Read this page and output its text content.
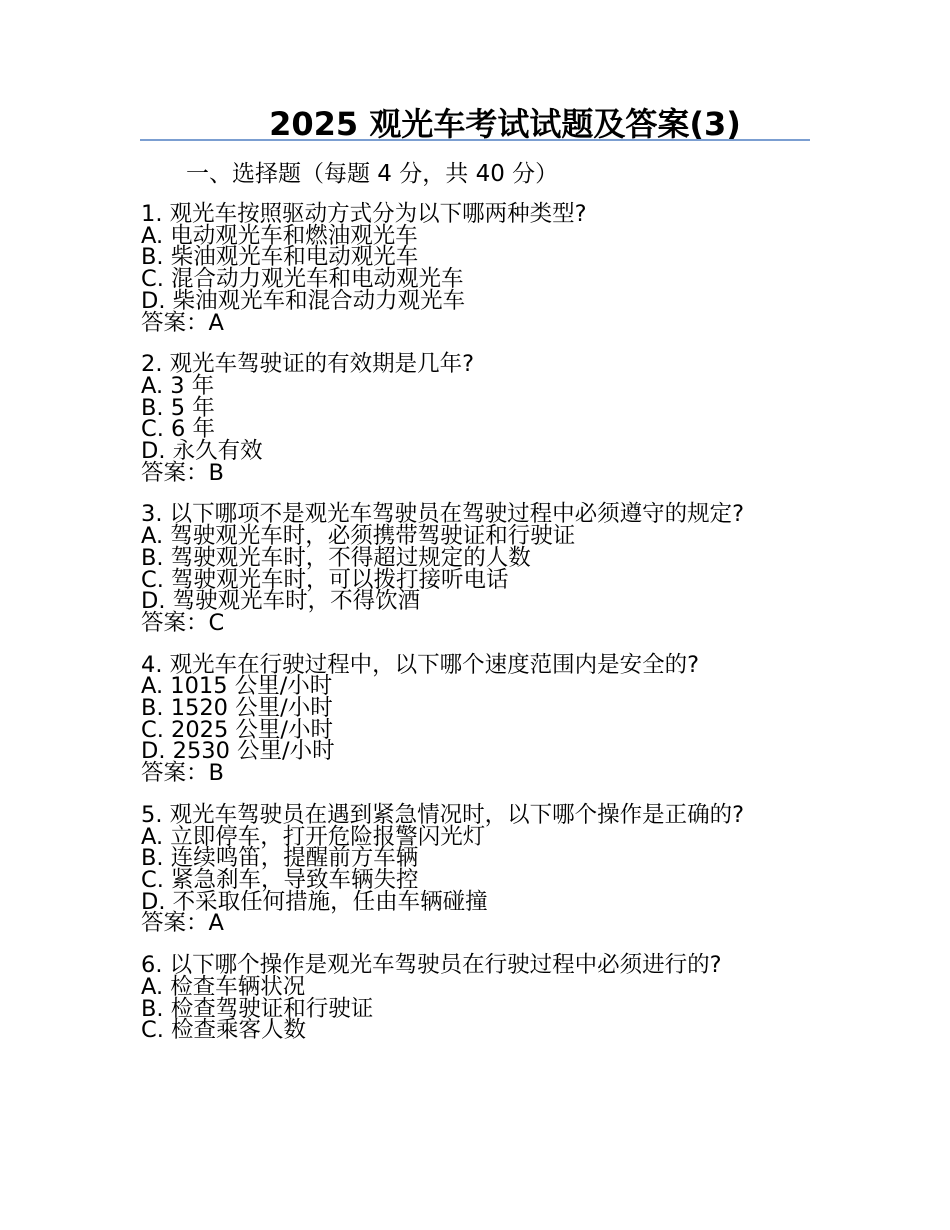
2025 观光车考试试题及答案(3)
一、选择题（每题 4 分，共 40 分）
1. 观光车按照驱动方式分为以下哪两种类型?
A. 电动观光车和燃油观光车
B. 柴油观光车和电动观光车
C. 混合动力观光车和电动观光车
D. 柴油观光车和混合动力观光车
答案：A
2. 观光车驾驶证的有效期是几年?
A. 3 年
B. 5 年
C. 6 年
D. 永久有效
答案：B
3. 以下哪项不是观光车驾驶员在驾驶过程中必须遵守的规定?
A. 驾驶观光车时，必须携带驾驶证和行驶证
B. 驾驶观光车时，不得超过规定的人数
C. 驾驶观光车时，可以拨打接听电话
D. 驾驶观光车时，不得饮酒
答案：C
4. 观光车在行驶过程中，以下哪个速度范围内是安全的?
A. 1015 公里/小时
B. 1520 公里/小时
C. 2025 公里/小时
D. 2530 公里/小时
答案：B
5. 观光车驾驶员在遇到紧急情况时，以下哪个操作是正确的?
A. 立即停车，打开危险报警闪光灯
B. 连续鸣笛，提醒前方车辆
C. 紧急刹车，导致车辆失控
D. 不采取任何措施，任由车辆碰撞
答案：A
6. 以下哪个操作是观光车驾驶员在行驶过程中必须进行的?
A. 检查车辆状况
B. 检查驾驶证和行驶证
C. 检查乘客人数
